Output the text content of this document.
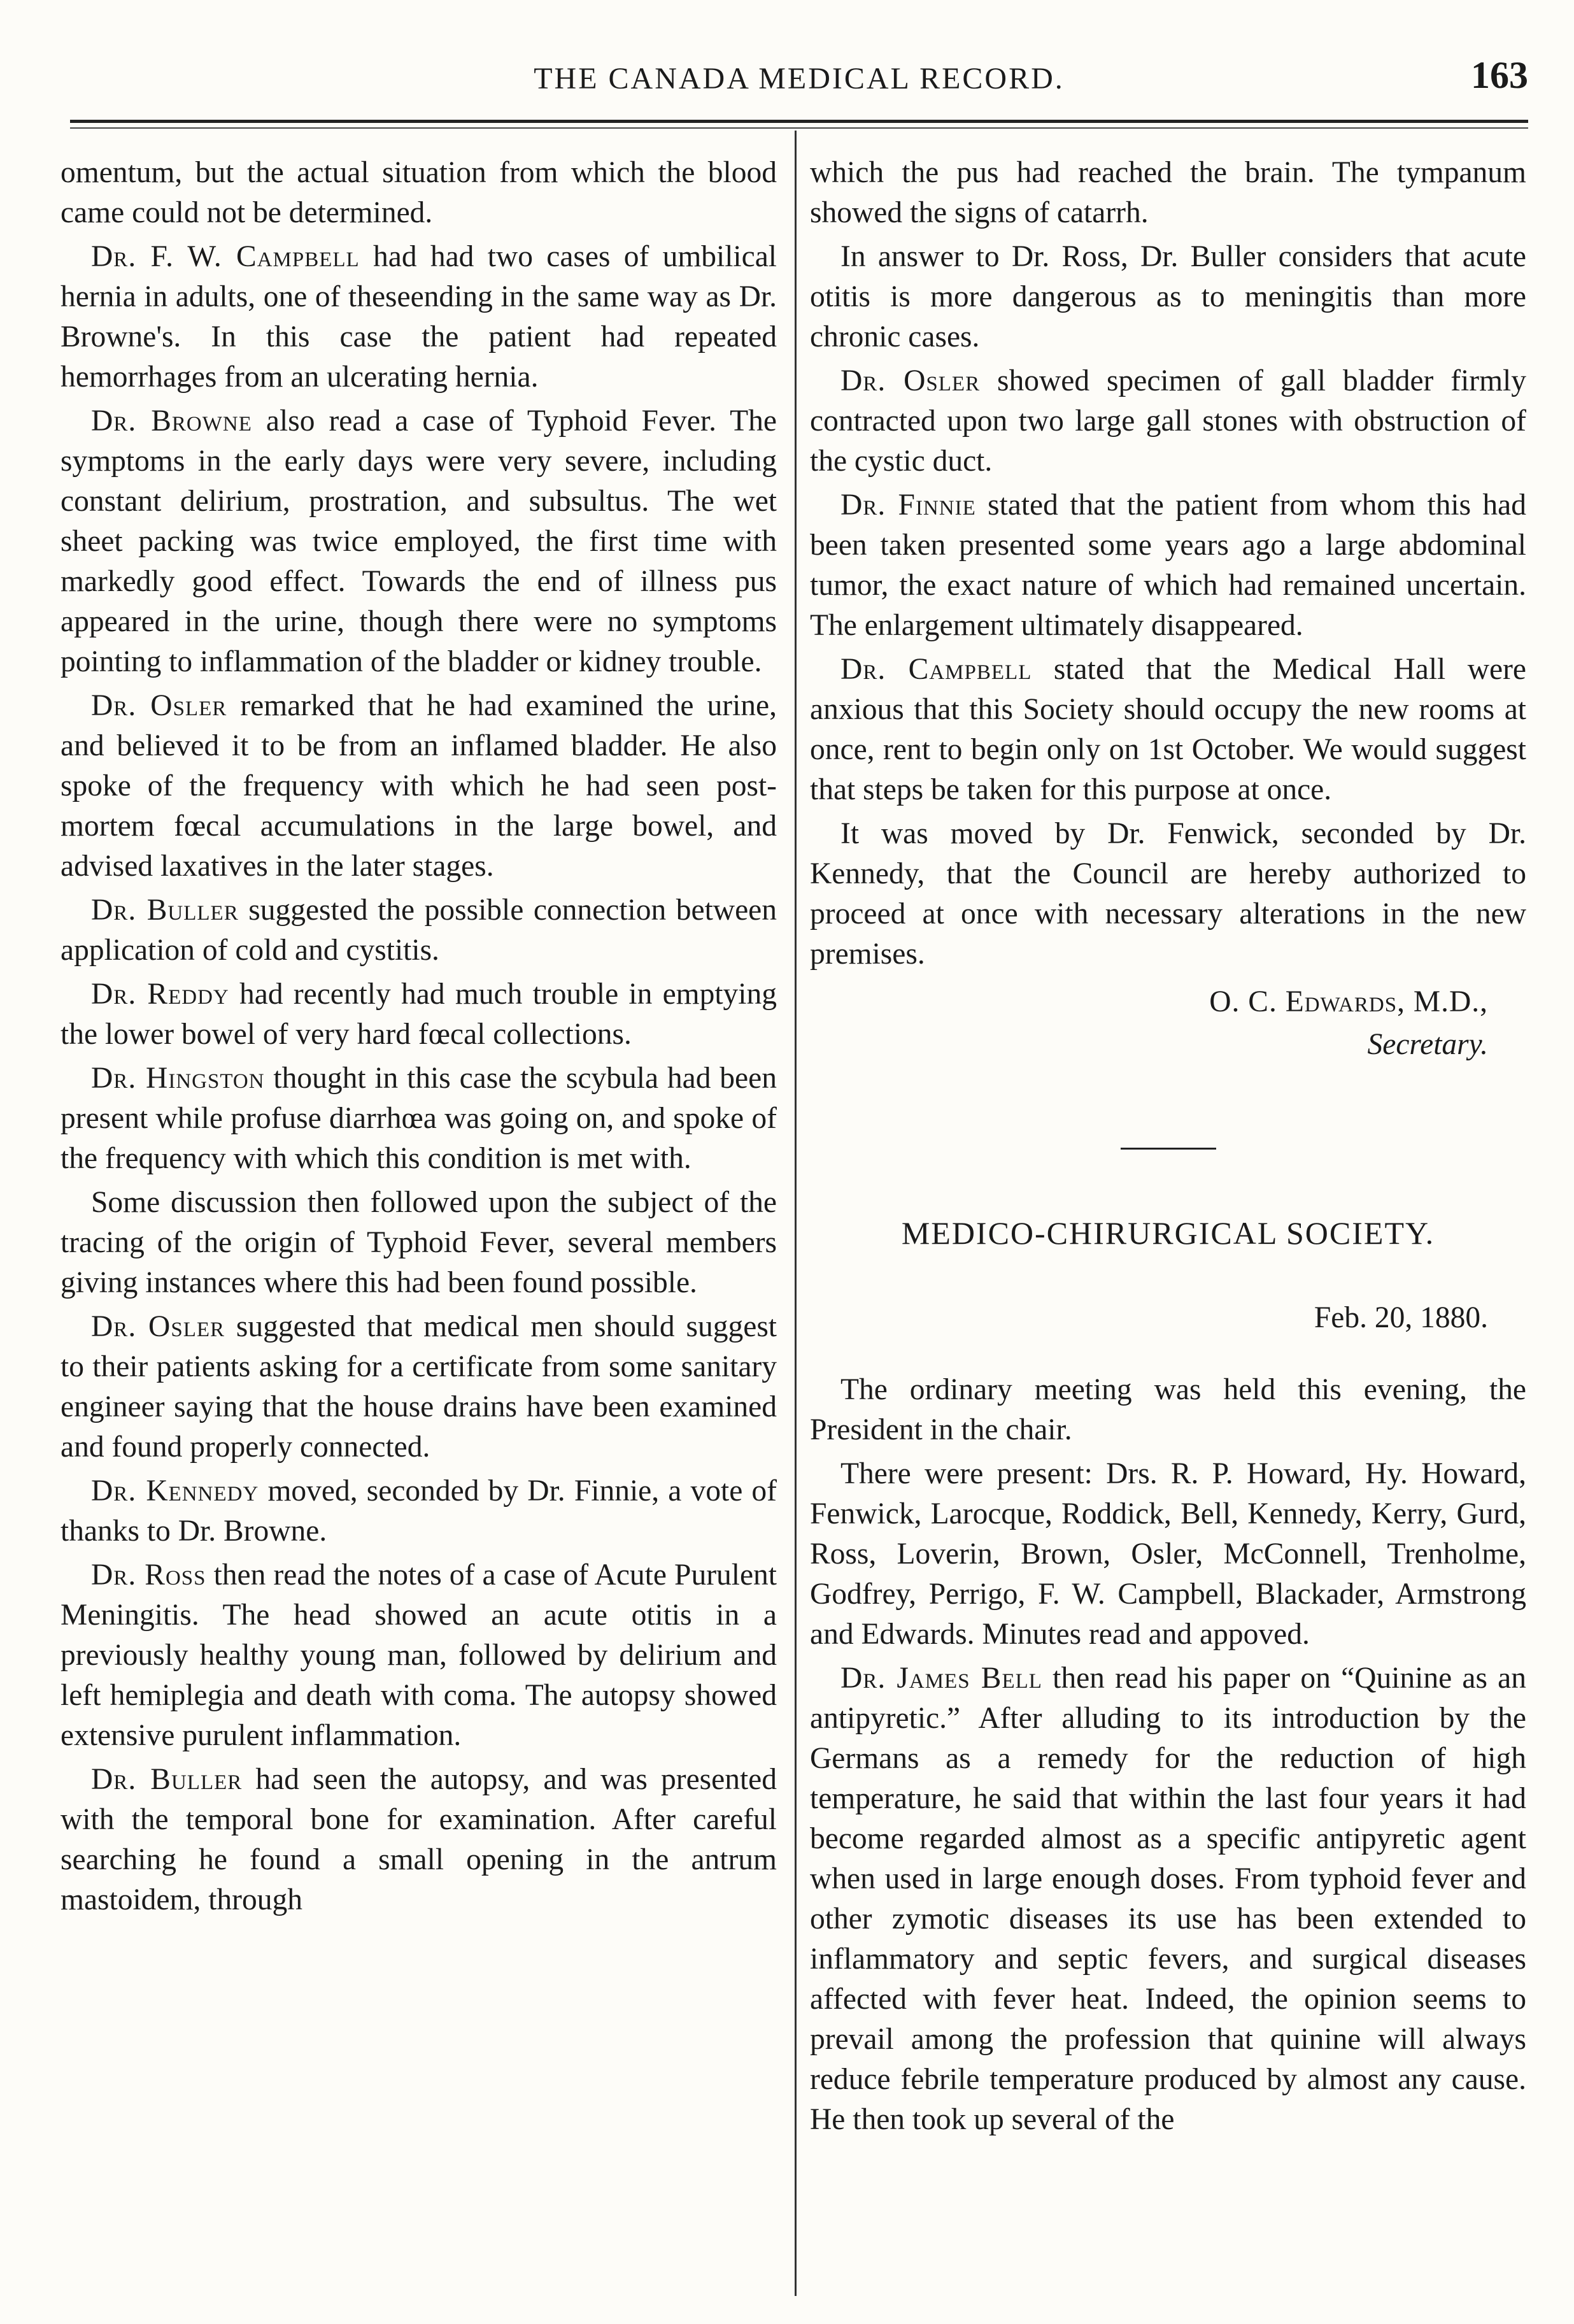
THE CANADA MEDICAL RECORD.	163

omentum, but the actual situation from which the blood came could not be determined.

Dr. F. W. Campbell had had two cases of umbilical hernia in adults, one of theseending in the same way as Dr. Browne's. In this case the patient had repeated hemorrhages from an ulcerating hernia.

Dr. Browne also read a case of Typhoid Fever. The symptoms in the early days were very severe, including constant delirium, prostration, and subsultus. The wet sheet packing was twice employed, the first time with markedly good effect. Towards the end of illness pus appeared in the urine, though there were no symptoms pointing to inflammation of the bladder or kidney trouble.

Dr. Osler remarked that he had examined the urine, and believed it to be from an inflamed bladder. He also spoke of the frequency with which he had seen post-mortem fœcal accumulations in the large bowel, and advised laxatives in the later stages.

Dr. Buller suggested the possible connection between application of cold and cystitis.

Dr. Reddy had recently had much trouble in emptying the lower bowel of very hard fœcal collections.

Dr. Hingston thought in this case the scybula had been present while profuse diarrhœa was going on, and spoke of the frequency with which this condition is met with.

Some discussion then followed upon the subject of the tracing of the origin of Typhoid Fever, several members giving instances where this had been found possible.

Dr. Osler suggested that medical men should suggest to their patients asking for a certificate from some sanitary engineer saying that the house drains have been examined and found properly connected.

Dr. Kennedy moved, seconded by Dr. Finnie, a vote of thanks to Dr. Browne.

Dr. Ross then read the notes of a case of Acute Purulent Meningitis. The head showed an acute otitis in a previously healthy young man, followed by delirium and left hemiplegia and death with coma. The autopsy showed extensive purulent inflammation.

Dr. Buller had seen the autopsy, and was presented with the temporal bone for examination. After careful searching he found a small opening in the antrum mastoidem, through

which the pus had reached the brain. The tympanum showed the signs of catarrh.

In answer to Dr. Ross, Dr. Buller considers that acute otitis is more dangerous as to meningitis than more chronic cases.

Dr. Osler showed specimen of gall bladder firmly contracted upon two large gall stones with obstruction of the cystic duct.

Dr. Finnie stated that the patient from whom this had been taken presented some years ago a large abdominal tumor, the exact nature of which had remained uncertain. The enlargement ultimately disappeared.

Dr. Campbell stated that the Medical Hall were anxious that this Society should occupy the new rooms at once, rent to begin only on 1st October. We would suggest that steps be taken for this purpose at once.

It was moved by Dr. Fenwick, seconded by Dr. Kennedy, that the Council are hereby authorized to proceed at once with necessary alterations in the new premises.

O. C. Edwards, M.D.,
Secretary.
MEDICO-CHIRURGICAL SOCIETY.
Feb. 20, 1880.

The ordinary meeting was held this evening, the President in the chair.

There were present: Drs. R. P. Howard, Hy. Howard, Fenwick, Larocque, Roddick, Bell, Kennedy, Kerry, Gurd, Ross, Loverin, Brown, Osler, McConnell, Trenholme, Godfrey, Perrigo, F. W. Campbell, Blackader, Armstrong and Edwards. Minutes read and appoved.

Dr. James Bell then read his paper on “Quinine as an antipyretic.” After alluding to its introduction by the Germans as a remedy for the reduction of high temperature, he said that within the last four years it had become regarded almost as a specific antipyretic agent when used in large enough doses. From typhoid fever and other zymotic diseases its use has been extended to inflammatory and septic fevers, and surgical diseases affected with fever heat. Indeed, the opinion seems to prevail among the profession that quinine will always reduce febrile temperature produced by almost any cause. He then took up several of the
